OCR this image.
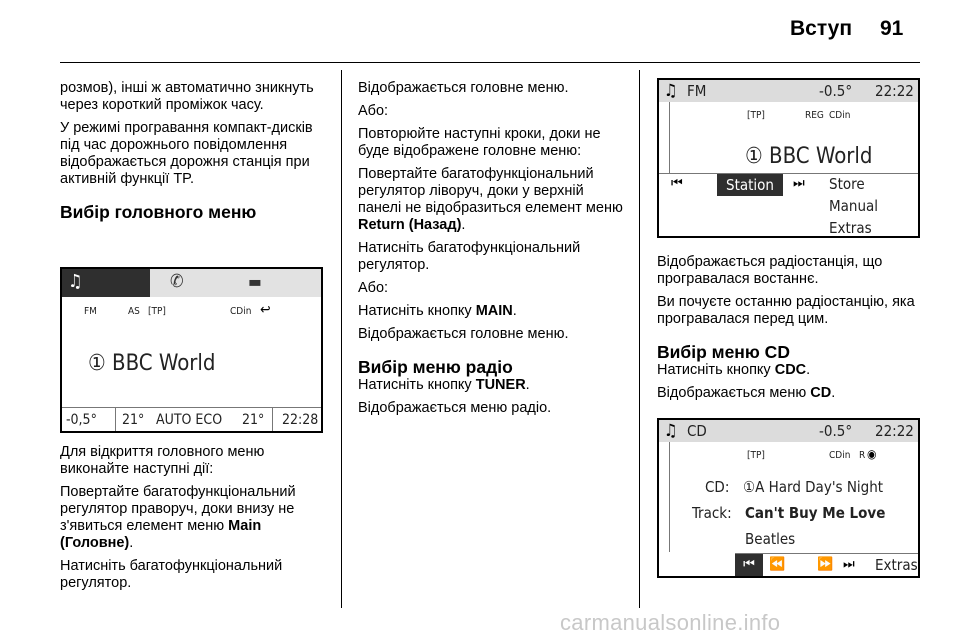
Вступ 91

розмов), інші ж автоматично зникнуть через короткий проміжок часу.

У режимі програвання компакт-дисків під час дорожнього повідомлення відображається дорожня станція при активній функції TP.

Вибір головного меню
♫	✆	▬
FM	AS [TP]	CDin ↩
① BBC World
-0,5° 21° AUTO ECO 21° 22:28

Для відкриття головного меню виконайте наступні дії:

Повертайте багатофункціональний регулятор праворуч, доки внизу не з'явиться елемент меню Main (Головне).

Натисніть багатофункціональний регулятор.

Відображається головне меню.

Або:

Повторюйте наступні кроки, доки не буде відображене головне меню:

Повертайте багатофункціональний регулятор ліворуч, доки у верхній панелі не відобразиться елемент меню Return (Назад).

Натисніть багатофункціональний регулятор.

Або:

Натисніть кнопку MAIN.

Відображається головне меню.

Вибір меню радіо

Натисніть кнопку TUNER.

Відображається меню радіо.

♫ FM	-0.5° 22:22
[TP]	REG CDin
① BBC World
⏮	Station	⏭ Store
Manual
Extras

Відображається радіостанція, що програвалася востаннє.

Ви почуєте останню радіостанцію, яка програвалася перед цим.

Вибір меню CD

Натисніть кнопку CDC.

Відображається меню CD.

♫ CD	-0.5° 22:22
[TP]	CDin R ◉
CD: ①A Hard Day's Night
Track: Can't Buy Me Love
Beatles
⏮	⏪ ⏩ ⏭ Extras
carmanualsonline.info
